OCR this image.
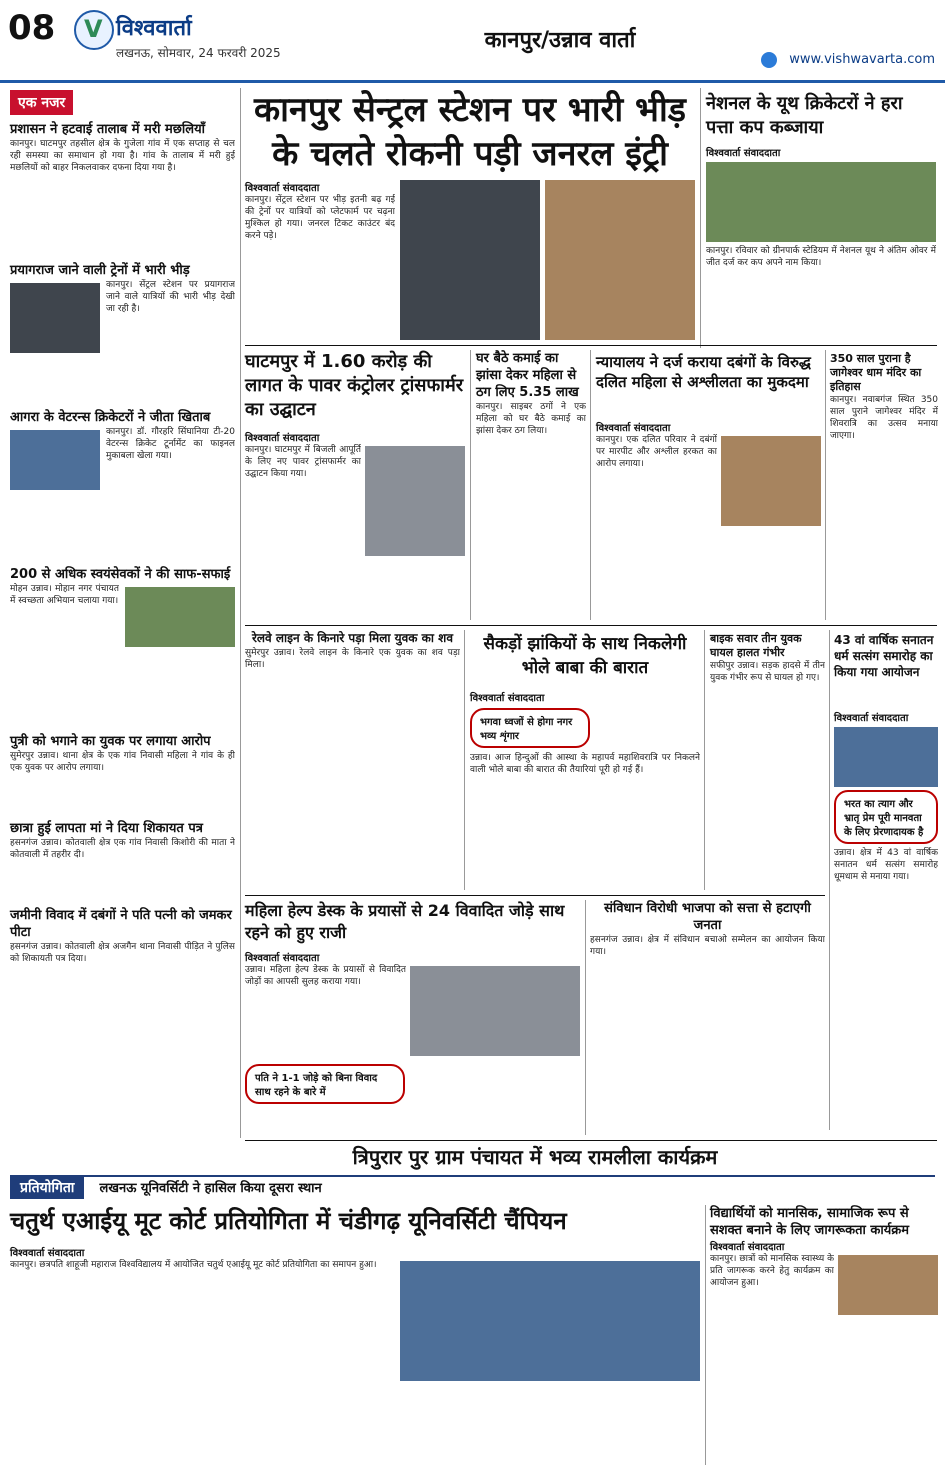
08 V	विश्ववार्ता
लखनऊ, सोमवार, 24 फरवरी 2025	कानपुर/उन्नाव वार्ता
www.vishwavarta.com
एक नजर
प्रशासन ने हटवाई तालाब में मरी मछलियाँ
कानपुर। घाटमपुर तहसील क्षेत्र के गुजेला गांव में एक सप्ताह से चल रही समस्या का समाधान हो गया है। गांव के तालाब में मरी हुई मछलियों को बाहर निकलवाकर दफना दिया गया है।
प्रयागराज जाने वाली ट्रेनों में भारी भीड़
कानपुर। सेंट्रल स्टेशन पर प्रयागराज जाने वाले यात्रियों की भारी भीड़ देखी जा रही है।
आगरा के वेटरन्स क्रिकेटरों ने जीता खिताब
कानपुर। डॉ. गौरहरि सिंघानिया टी-20 वेटरन्स क्रिकेट टूर्नामेंट का फाइनल मुकाबला खेला गया।
200 से अधिक स्वयंसेवकों ने की साफ-सफाई
मोहन उन्नाव। मोहान नगर पंचायत में स्वच्छता अभियान चलाया गया।
पुत्री को भगाने का युवक पर लगाया आरोप
सुमेरपुर उन्नाव। थाना क्षेत्र के एक गांव निवासी महिला ने गांव के ही एक युवक पर आरोप लगाया।
छात्रा हुई लापता मां ने दिया शिकायत पत्र
हसनगंज उन्नाव। कोतवाली क्षेत्र एक गांव निवासी किशोरी की माता ने कोतवाली में तहरीर दी।
जमीनी विवाद में दबंगों ने पति पत्नी को जमकर पीटा
हसनगंज उन्नाव। कोतवाली क्षेत्र अजगैन थाना निवासी पीड़ित ने पुलिस को शिकायती पत्र दिया।
कानपुर सेन्ट्रल स्टेशन पर भारी भीड़ के चलते रोकनी पड़ी जनरल इंट्री
विश्ववार्ता संवाददाता
कानपुर। सेंट्रल स्टेशन पर भीड़ इतनी बढ़ गई की ट्रेनों पर यात्रियों को प्लेटफार्म पर चढ़ना मुश्किल हो गया। जनरल टिकट काउंटर बंद करने पड़े।
नेशनल के यूथ क्रिकेटरों ने हरा पत्ता कप कब्जाया
विश्ववार्ता संवाददाता
कानपुर। रविवार को ग्रीनपार्क स्टेडियम में नेशनल यूथ ने अंतिम ओवर में जीत दर्ज कर कप अपने नाम किया।
घाटमपुर में 1.60 करोड़ की लागत के पावर कंट्रोलर ट्रांसफार्मर का उद्घाटन
विश्ववार्ता संवाददाता
कानपुर। घाटमपुर में बिजली आपूर्ति के लिए नए पावर ट्रांसफार्मर का उद्घाटन किया गया।
घर बैठे कमाई का झांसा देकर महिला से ठग लिए 5.35 लाख
कानपुर। साइबर ठगों ने एक महिला को घर बैठे कमाई का झांसा देकर ठग लिया।
न्यायालय ने दर्ज कराया दबंगों के विरुद्ध दलित महिला से अश्लीलता का मुकदमा
विश्ववार्ता संवाददाता
कानपुर। एक दलित परिवार ने दबंगों पर मारपीट और अश्लील हरकत का आरोप लगाया।
350 साल पुराना है जागेश्वर धाम मंदिर का इतिहास
कानपुर। नवाबगंज स्थित 350 साल पुराने जागेश्वर मंदिर में शिवरात्रि का उत्सव मनाया जाएगा।
रेलवे लाइन के किनारे पड़ा मिला युवक का शव
सुमेरपुर उन्नाव। रेलवे लाइन के किनारे एक युवक का शव पड़ा मिला।
सैकड़ों झांकियों के साथ निकलेगी भोले बाबा की बारात
विश्ववार्ता संवाददाता
भगवा ध्वजों से होगा नगर भव्य शृंगार
उन्नाव। आज हिन्दुओं की आस्था के महापर्व महाशिवरात्रि पर निकलने वाली भोले बाबा की बारात की तैयारियां पूरी हो गई हैं।
बाइक सवार तीन युवक घायल हालत गंभीर
सफीपुर उन्नाव। सड़क हादसे में तीन युवक गंभीर रूप से घायल हो गए।
43 वां वार्षिक सनातन धर्म सत्संग समारोह का किया गया आयोजन
विश्ववार्ता संवाददाता
भरत का त्याग और भ्रातृ प्रेम पूरी मानवता के लिए प्रेरणादायक है
उन्नाव। क्षेत्र में 43 वां वार्षिक सनातन धर्म सत्संग समारोह धूमधाम से मनाया गया।
महिला हेल्प डेस्क के प्रयासों से 24 विवादित जोड़े साथ रहने को हुए राजी
विश्ववार्ता संवाददाता
उन्नाव। महिला हेल्प डेस्क के प्रयासों से विवादित जोड़ों का आपसी सुलह कराया गया।
पति ने 1-1 जोड़े को बिना विवाद साथ रहने के बारे में
संविधान विरोधी भाजपा को सत्ता से हटाएगी जनता
हसनगंज उन्नाव। क्षेत्र में संविधान बचाओ सम्मेलन का आयोजन किया गया।
त्रिपुरार पुर ग्राम पंचायत में भव्य रामलीला कार्यक्रम
प्रतियोगिता लखनऊ यूनिवर्सिटी ने हासिल किया दूसरा स्थान
चतुर्थ एआईयू मूट कोर्ट प्रतियोगिता में चंडीगढ़ यूनिवर्सिटी चैंपियन
विश्ववार्ता संवाददाता
कानपुर। छत्रपति शाहूजी महाराज विश्वविद्यालय में आयोजित चतुर्थ एआईयू मूट कोर्ट प्रतियोगिता का समापन हुआ।
विद्यार्थियों को मानसिक, सामाजिक रूप से सशक्त बनाने के लिए जागरूकता कार्यक्रम
विश्ववार्ता संवाददाता
कानपुर। छात्रों को मानसिक स्वास्थ्य के प्रति जागरूक करने हेतु कार्यक्रम का आयोजन हुआ।
